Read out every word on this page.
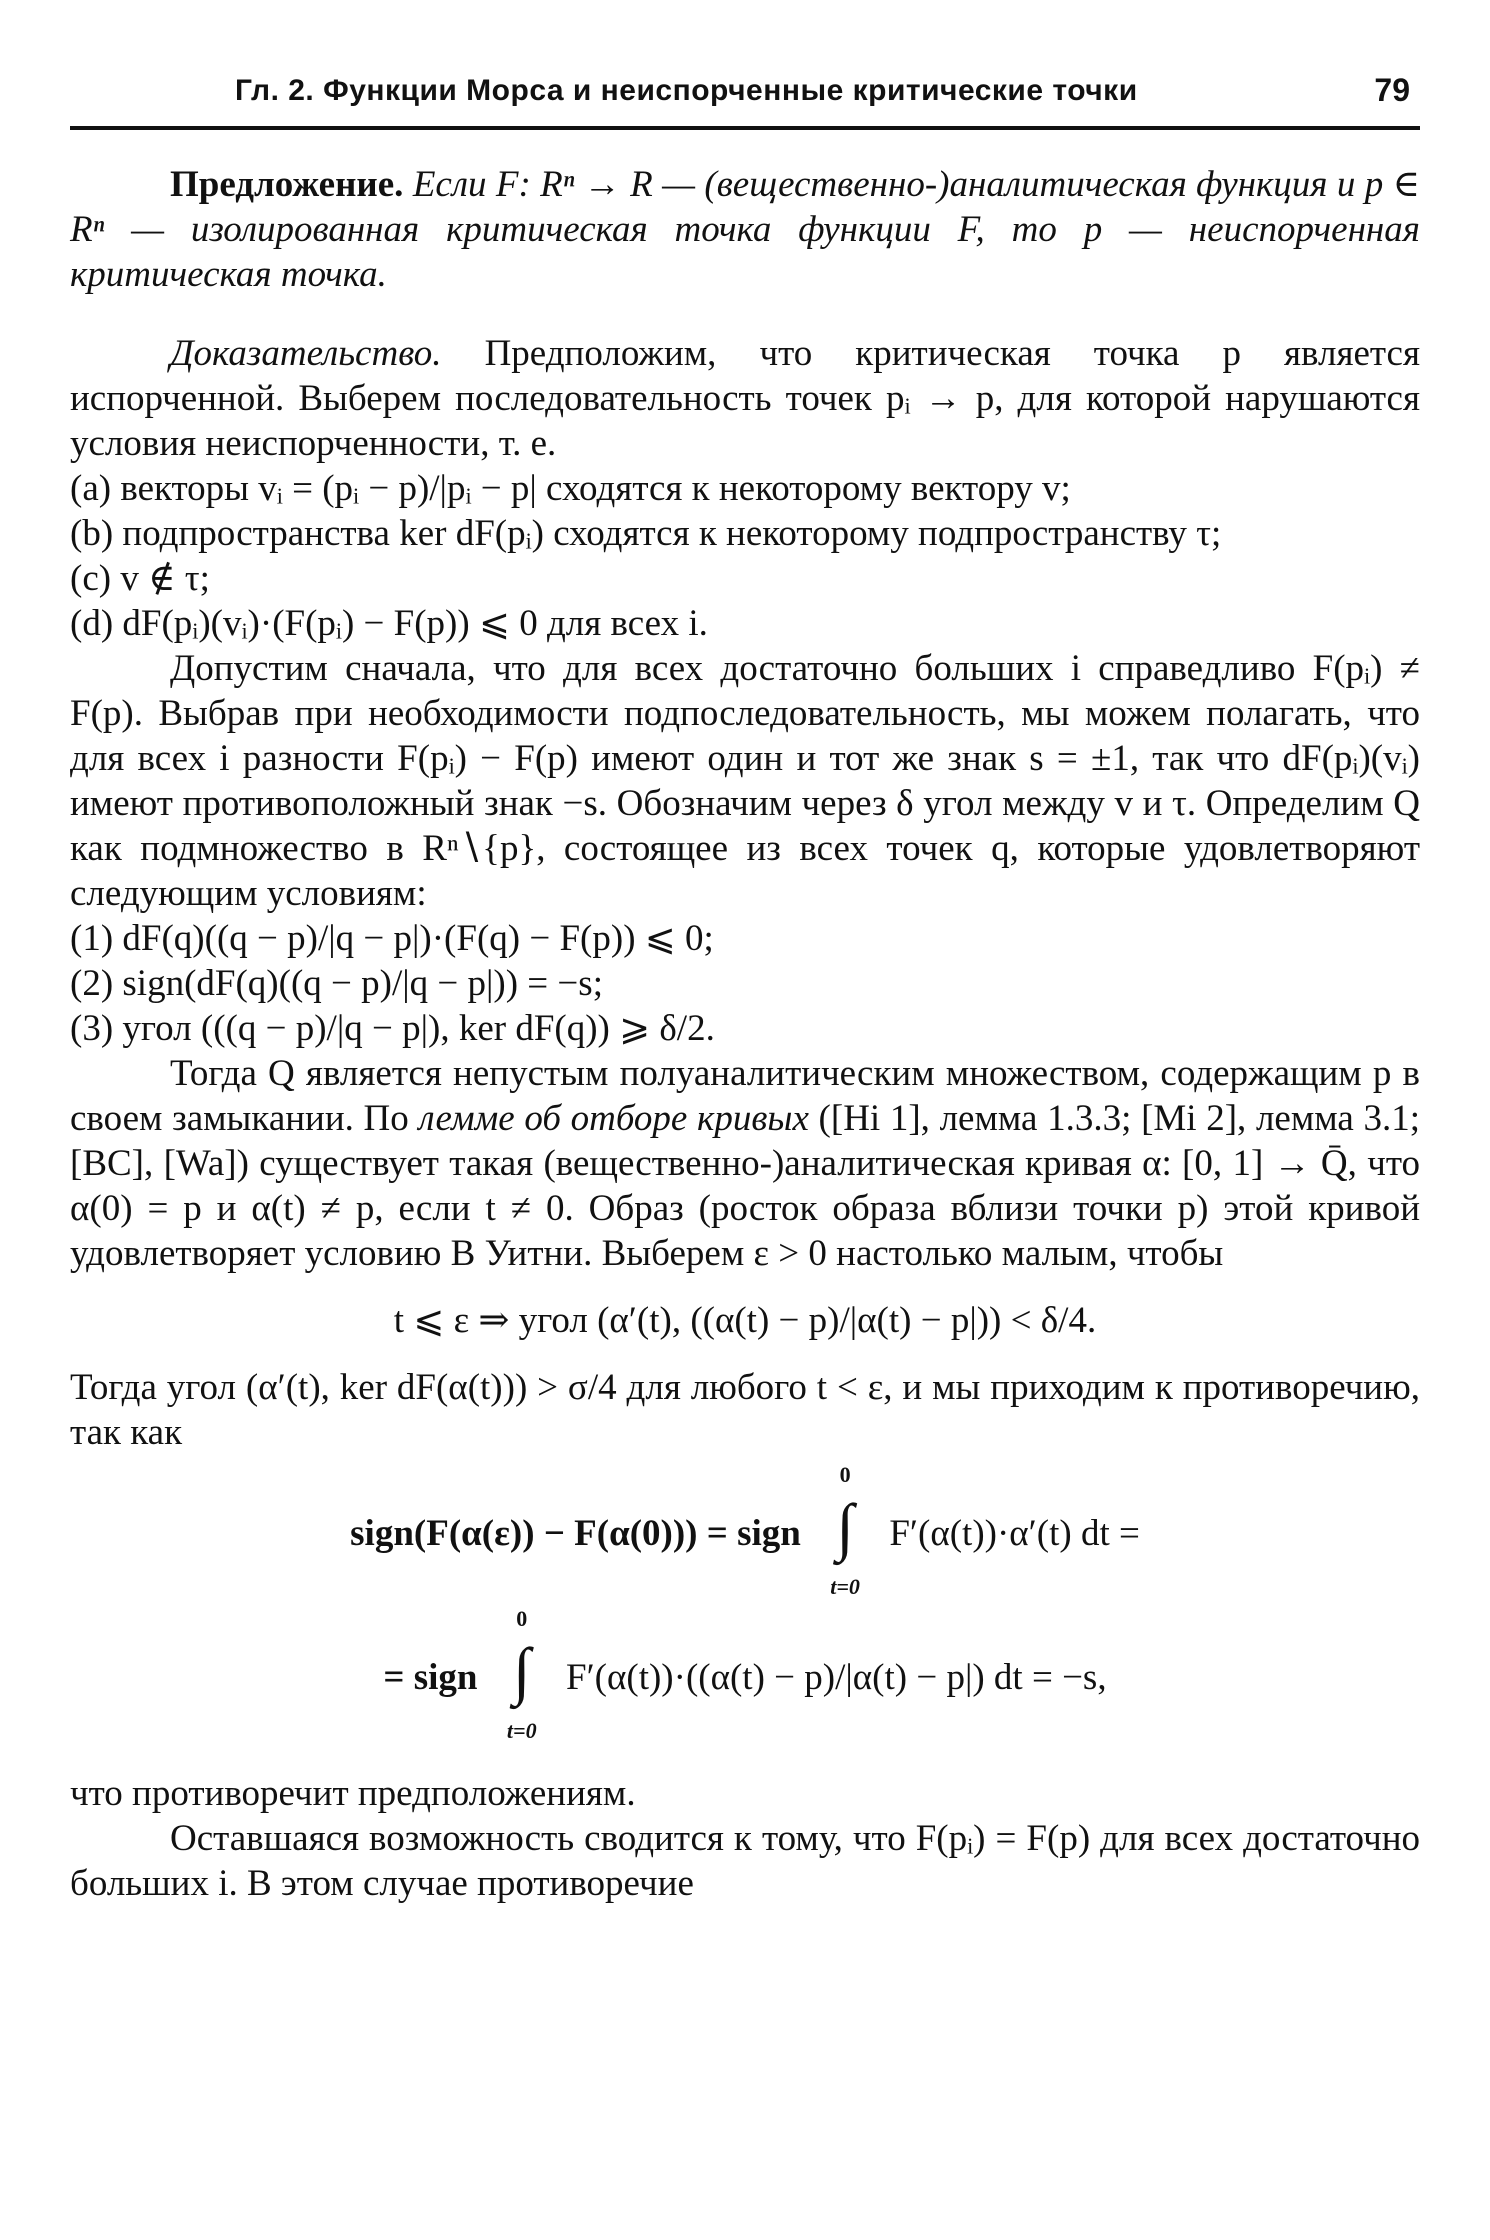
Гл. 2. Функции Морса и неиспорченные критические точки	79

Предложение. Если F: Rⁿ → R — (вещественно-)аналитическая функция и p ∈ Rⁿ — изолированная критическая точка функции F, то p — неиспорченная критическая точка.

Доказательство. Предположим, что критическая точка p является испорченной. Выберем последовательность точек pᵢ → p, для которой нарушаются условия неиспорченности, т. е.

(a) векторы vᵢ = (pᵢ − p)/|pᵢ − p| сходятся к некоторому вектору v;

(b) подпространства ker dF(pᵢ) сходятся к некоторому подпространству τ;

(c) v ∉ τ;

(d) dF(pᵢ)(vᵢ)·(F(pᵢ) − F(p)) ⩽ 0 для всех i.

Допустим сначала, что для всех достаточно больших i справедливо F(pᵢ) ≠ F(p). Выбрав при необходимости подпоследовательность, мы можем полагать, что для всех i разности F(pᵢ) − F(p) имеют один и тот же знак s = ±1, так что dF(pᵢ)(vᵢ) имеют противоположный знак −s. Обозначим через δ угол между v и τ. Определим Q как подмножество в Rⁿ∖{p}, состоящее из всех точек q, которые удовлетворяют следующим условиям:

(1) dF(q)((q − p)/|q − p|)·(F(q) − F(p)) ⩽ 0;

(2) sign(dF(q)((q − p)/|q − p|)) = −s;

(3) угол (((q − p)/|q − p|), ker dF(q)) ⩾ δ/2.

Тогда Q является непустым полуаналитическим множеством, содержащим p в своем замыкании. По лемме об отборе кривых ([Hi 1], лемма 1.3.3; [Mi 2], лемма 3.1; [BC], [Wa]) существует такая (вещественно-)аналитическая кривая α: [0, 1] → Q̄, что α(0) = p и α(t) ≠ p, если t ≠ 0. Образ (росток образа вблизи точки p) этой кривой удовлетворяет условию B Уитни. Выберем ε > 0 настолько малым, чтобы

t ⩽ ε ⇒ угол (α′(t), ((α(t) − p)/|α(t) − p|)) < δ/4.

Тогда угол (α′(t), ker dF(α(t))) > σ/4 для любого t < ε, и мы приходим к противоречию, так как

sign(F(α(ε)) − F(α(0))) = sign
0
∫
t=0
F′(α(t))·α′(t) dt =

= sign
0
∫
t=0
F′(α(t))·((α(t) − p)/|α(t) − p|) dt = −s,

что противоречит предположениям.

Оставшаяся возможность сводится к тому, что F(pᵢ) = F(p) для всех достаточно больших i. В этом случае противоречие
